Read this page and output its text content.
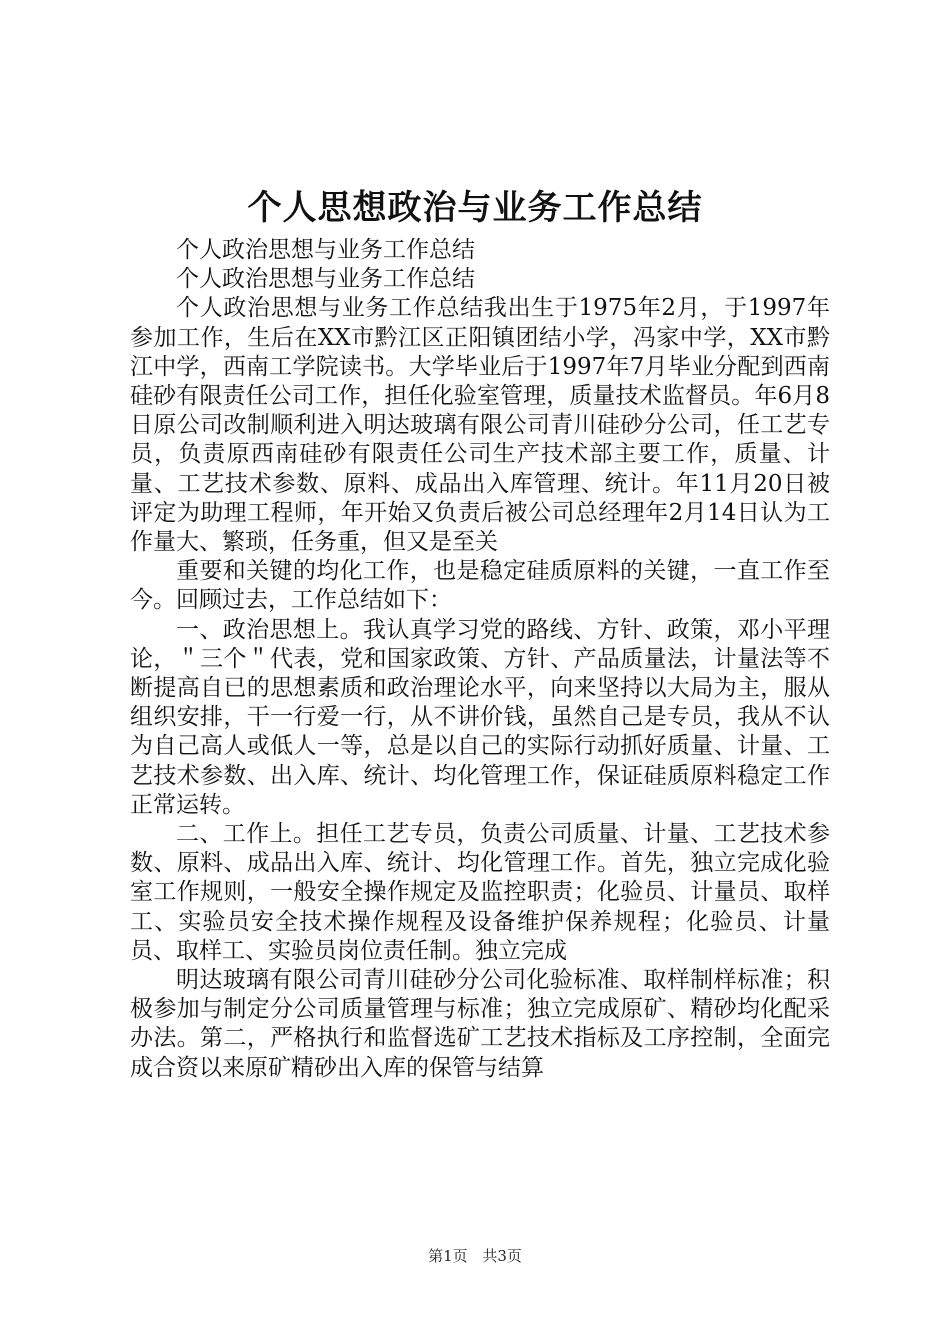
个人思想政治与业务工作总结

个人政治思想与业务工作总结

个人政治思想与业务工作总结

个人政治思想与业务工作总结我出生于1975年2月，于1997年参加工作，生后在XX市黔江区正阳镇团结小学，冯家中学，XX市黔江中学，西南工学院读书。大学毕业后于1997年7月毕业分配到西南硅砂有限责任公司工作，担任化验室管理，质量技术监督员。年6月8日原公司改制顺利进入明达玻璃有限公司青川硅砂分公司，任工艺专员，负责原西南硅砂有限责任公司生产技术部主要工作，质量、计量、工艺技术参数、原料、成品出入库管理、统计。年11月20日被评定为助理工程师，年开始又负责后被公司总经理年2月14日认为工作量大、繁琐，任务重，但又是至关

重要和关键的均化工作，也是稳定硅质原料的关键，一直工作至今。回顾过去，工作总结如下：

一、政治思想上。我认真学习党的路线、方针、政策，邓小平理论，＂三个＂代表，党和国家政策、方针、产品质量法，计量法等不断提高自已的思想素质和政治理论水平，向来坚持以大局为主，服从组织安排，干一行爱一行，从不讲价钱，虽然自己是专员，我从不认为自己高人或低人一等，总是以自己的实际行动抓好质量、计量、工艺技术参数、出入库、统计、均化管理工作，保证硅质原料稳定工作正常运转。

二、工作上。担任工艺专员，负责公司质量、计量、工艺技术参数、原料、成品出入库、统计、均化管理工作。首先，独立完成化验室工作规则，一般安全操作规定及监控职责；化验员、计量员、取样工、实验员安全技术操作规程及设备维护保养规程；化验员、计量员、取样工、实验员岗位责任制。独立完成

明达玻璃有限公司青川硅砂分公司化验标准、取样制样标准；积极参加与制定分公司质量管理与标准；独立完成原矿、精砂均化配采办法。第二，严格执行和监督选矿工艺技术指标及工序控制，全面完成合资以来原矿精砂出入库的保管与结算

第1页 共3页
